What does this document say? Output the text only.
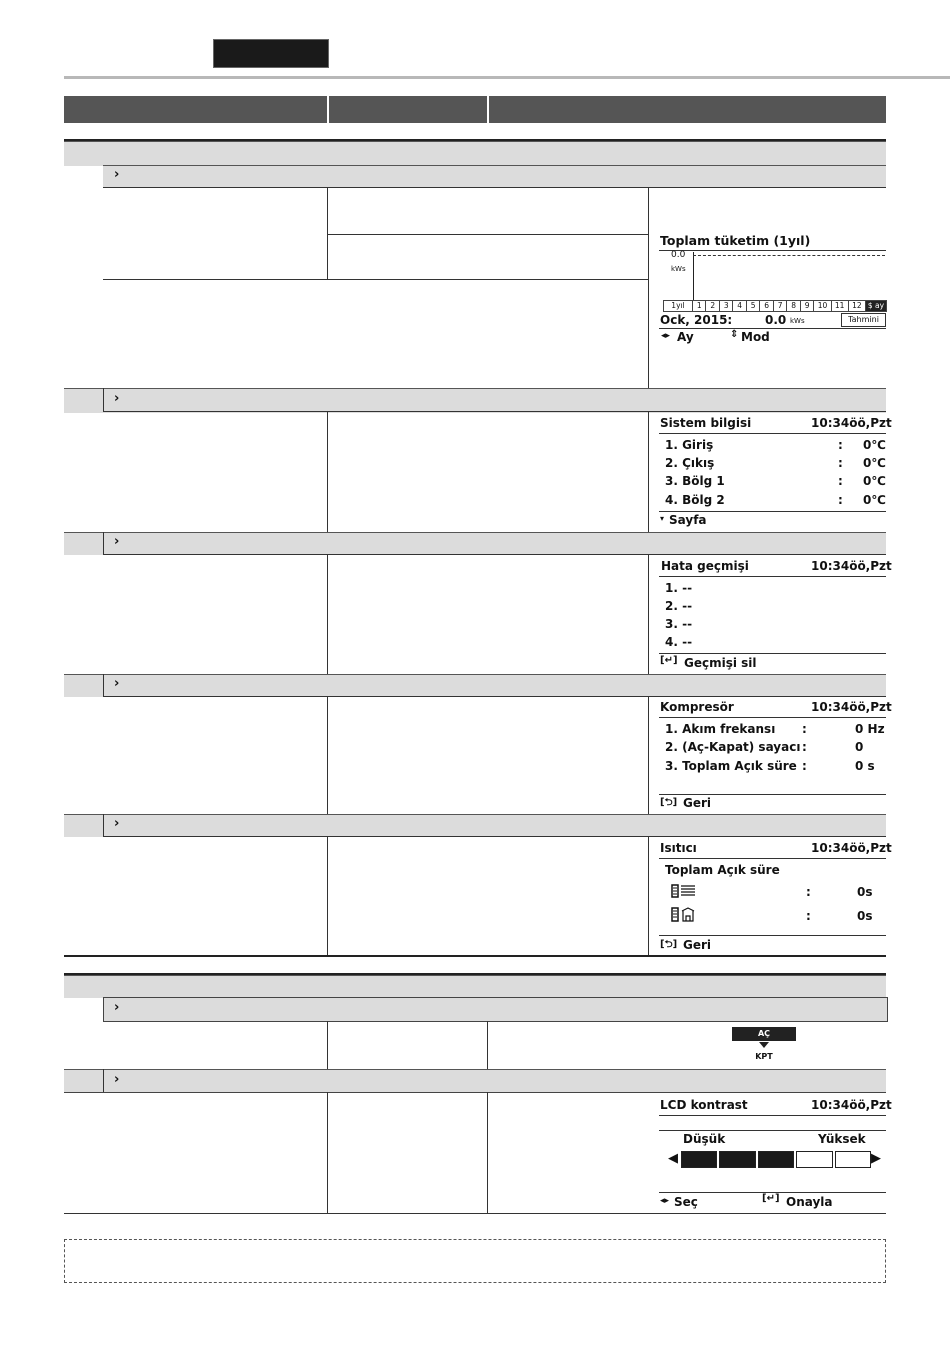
›
Toplam tüketim (1yıl)
0.0
kWs
1yıl	1	2	3	4	5	6	7	8	9	10	11	12 $ ay
Ock, 2015:	0.0 kWs	Tahmini
◂▸ Ay	⇕ Mod
›
Sistem bilgisi	10:34öö,Pzt
1. Giriş	: 0℃
2. Çıkış	: 0℃
3. Bölg 1	: 0℃
4. Bölg 2	: 0℃
▾ Sayfa
›
Hata geçmişi	10:34öö,Pzt
1. --
2. --
3. --
4. --
[↵] Geçmişi sil
›
Kompresör	10:34öö,Pzt
1. Akım frekansı :	0 Hz
2. (Aç-Kapat) sayacı :	0
3. Toplam Açık süre :	0 s
[⮌] Geri
›
Isıtıcı	10:34öö,Pzt
Toplam Açık süre
:	0s
:	0s
[⮌] Geri
›
AÇ
KPT
›
LCD kontrast	10:34öö,Pzt
Düşük	Yüksek
◀	▶
◂▸ Seç	[↵] Onayla
